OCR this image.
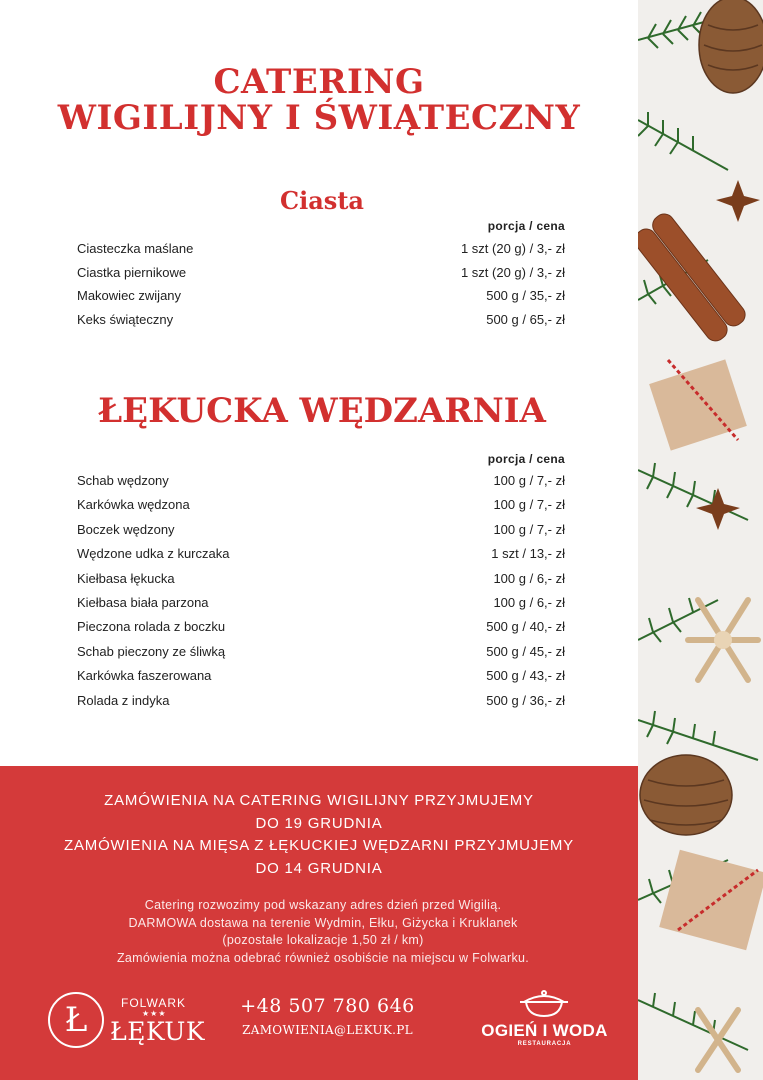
CATERING
WIGILIJNY I ŚWIĄTECZNY
Ciasta
porcja / cena
Ciasteczka maślane	1 szt (20 g) / 3,- zł
Ciastka piernikowe	1 szt (20 g) / 3,- zł
Makowiec zwijany	500 g / 35,- zł
Keks świąteczny	500 g / 65,- zł
ŁĘKUCKA WĘDZARNIA
porcja / cena
Schab wędzony	100 g / 7,- zł
Karkówka wędzona	100 g / 7,- zł
Boczek wędzony	100 g / 7,- zł
Wędzone udka z kurczaka	1 szt / 13,- zł
Kiełbasa łękucka	100 g / 6,- zł
Kiełbasa biała parzona	100 g / 6,- zł
Pieczona rolada z boczku	500 g / 40,- zł
Schab pieczony ze śliwką	500 g / 45,- zł
Karkówka faszerowana	500 g / 43,- zł
Rolada z indyka	500 g / 36,- zł

ZAMÓWIENIA NA CATERING WIGILIJNY PRZYJMUJEMY
DO 19 GRUDNIA
ZAMÓWIENIA NA MIĘSA Z ŁĘKUCKIEJ WĘDZARNI PRZYJMUJEMY
DO 14 GRUDNIA

Catering rozwozimy pod wskazany adres dzień przed Wigilią.
DARMOWA dostawa na terenie Wydmin, Ełku, Giżycka i Kruklanek
(pozostałe lokalizacje 1,50 zł / km)
Zamówienia można odebrać również osobiście na miejscu w Folwarku.

Ł	FOLWARK
★★★
ŁĘKUK
+48 507 780 646
ZAMOWIENIA@LEKUK.PL	OGIEŃ I WODA
RESTAURACJA
